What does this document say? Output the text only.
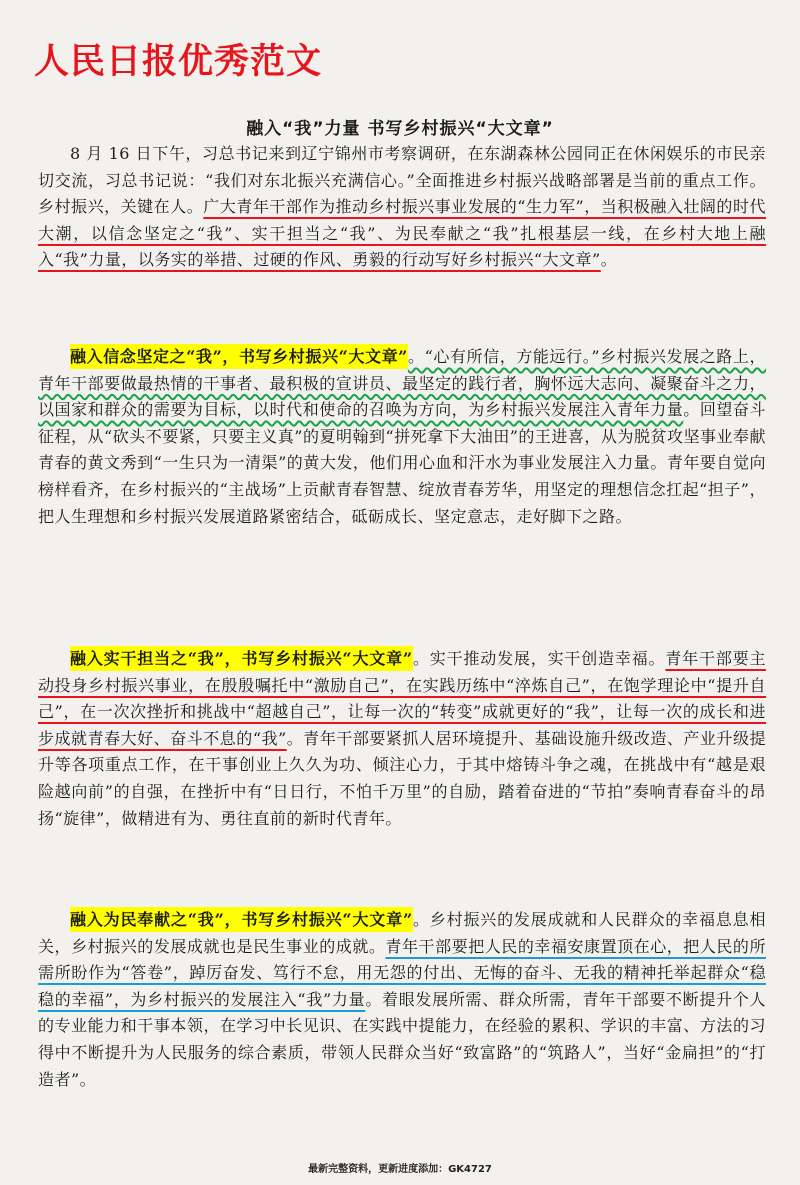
人民日报优秀范文
融入“我”力量 书写乡村振兴“大文章”

8 月 16 日下午，习总书记来到辽宁锦州市考察调研，在东湖森林公园同正在休闲娱乐的市民亲切交流，习总书记说：“我们对东北振兴充满信心。”全面推进乡村振兴战略部署是当前的重点工作。乡村振兴，关键在人。广大青年干部作为推动乡村振兴事业发展的“生力军”，当积极融入壮阔的时代大潮，以信念坚定之“我”、实干担当之“我”、为民奉献之“我”扎根基层一线，在乡村大地上融入“我”力量，以务实的举措、过硬的作风、勇毅的行动写好乡村振兴“大文章”。

融入信念坚定之“我”，书写乡村振兴“大文章”。“心有所信，方能远行。”乡村振兴发展之路上，青年干部要做最热情的干事者、最积极的宣讲员、最坚定的践行者，胸怀远大志向、凝聚奋斗之力，以国家和群众的需要为目标，以时代和使命的召唤为方向，为乡村振兴发展注入青年力量。回望奋斗征程，从“砍头不要紧，只要主义真”的夏明翰到“拼死拿下大油田”的王进喜，从为脱贫攻坚事业奉献青春的黄文秀到“一生只为一清渠”的黄大发，他们用心血和汗水为事业发展注入力量。青年要自觉向榜样看齐，在乡村振兴的“主战场”上贡献青春智慧、绽放青春芳华，用坚定的理想信念扛起“担子”，把人生理想和乡村振兴发展道路紧密结合，砥砺成长、坚定意志，走好脚下之路。

融入实干担当之“我”，书写乡村振兴“大文章”。实干推动发展，实干创造幸福。青年干部要主动投身乡村振兴事业，在殷殷嘱托中“激励自己”，在实践历练中“淬炼自己”，在饱学理论中“提升自己”，在一次次挫折和挑战中“超越自己”，让每一次的“转变”成就更好的“我”，让每一次的成长和进步成就青春大好、奋斗不息的“我”。青年干部要紧抓人居环境提升、基础设施升级改造、产业升级提升等各项重点工作，在干事创业上久久为功、倾注心力，于其中熔铸斗争之魂，在挑战中有“越是艰险越向前”的自强，在挫折中有“日日行，不怕千万里”的自励，踏着奋进的“节拍”奏响青春奋斗的昂扬“旋律”，做精进有为、勇往直前的新时代青年。

融入为民奉献之“我”，书写乡村振兴“大文章”。乡村振兴的发展成就和人民群众的幸福息息相关，乡村振兴的发展成就也是民生事业的成就。青年干部要把人民的幸福安康置顶在心，把人民的所需所盼作为“答卷”，踔厉奋发、笃行不怠，用无怨的付出、无悔的奋斗、无我的精神托举起群众“稳稳的幸福”，为乡村振兴的发展注入“我”力量。着眼发展所需、群众所需，青年干部要不断提升个人的专业能力和干事本领，在学习中长见识、在实践中提能力，在经验的累积、学识的丰富、方法的习得中不断提升为人民服务的综合素质，带领人民群众当好“致富路”的“筑路人”，当好“金扁担”的“打造者”。

最新完整资料，更新进度添加：GK4727
